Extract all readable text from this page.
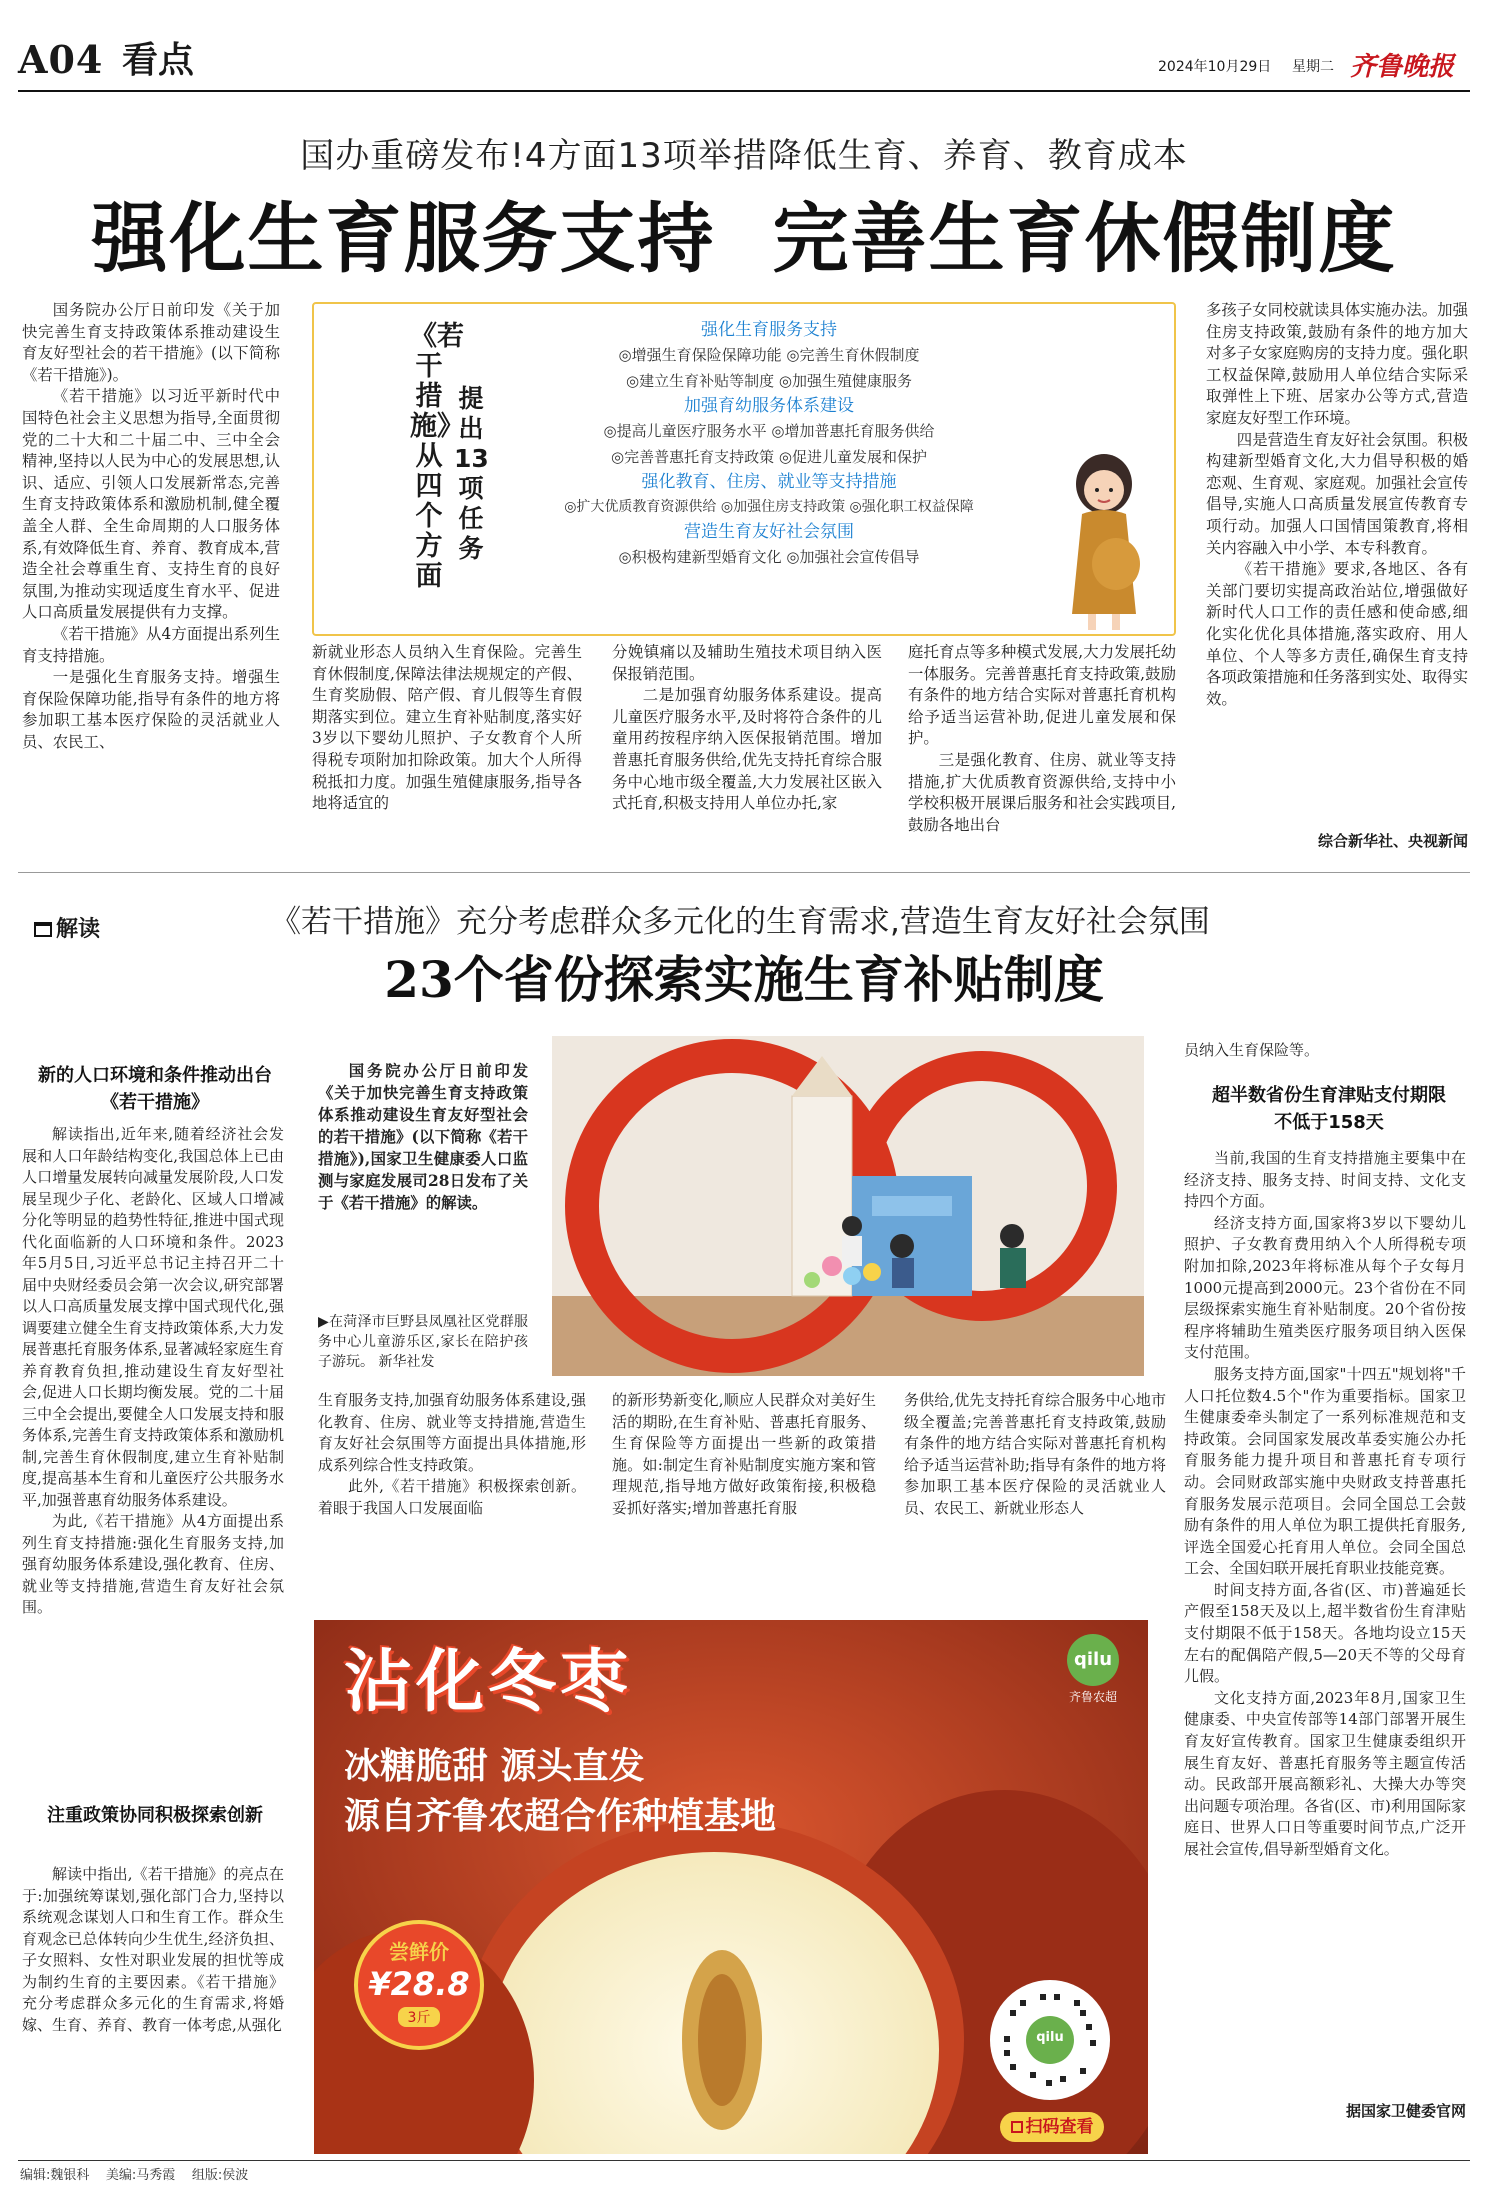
A04 看点	2024年10月29日 星期二 齐鲁晚报
国办重磅发布!4方面13项举措降低生育、养育、教育成本
强化生育服务支持  完善生育休假制度

国务院办公厅日前印发《关于加快完善生育支持政策体系推动建设生育友好型社会的若干措施》(以下简称《若干措施》)。

《若干措施》以习近平新时代中国特色社会主义思想为指导,全面贯彻党的二十大和二十届二中、三中全会精神,坚持以人民为中心的发展思想,认识、适应、引领人口发展新常态,完善生育支持政策体系和激励机制,健全覆盖全人群、全生命周期的人口服务体系,有效降低生育、养育、教育成本,营造全社会尊重生育、支持生育的良好氛围,为推动实现适度生育水平、促进人口高质量发展提供有力支撑。

《若干措施》从4方面提出系列生育支持措施。

一是强化生育服务支持。增强生育保险保障功能,指导有条件的地方将参加职工基本医疗保险的灵活就业人员、农民工、

《若干措施》从四个方面
提出13项任务
强化生育服务支持
◎增强生育保险保障功能 ◎完善生育休假制度
◎建立生育补贴等制度 ◎加强生殖健康服务
加强育幼服务体系建设
◎提高儿童医疗服务水平 ◎增加普惠托育服务供给
◎完善普惠托育支持政策 ◎促进儿童发展和保护
强化教育、住房、就业等支持措施
◎扩大优质教育资源供给 ◎加强住房支持政策 ◎强化职工权益保障
营造生育友好社会氛围
◎积极构建新型婚育文化 ◎加强社会宣传倡导

新就业形态人员纳入生育保险。完善生育休假制度,保障法律法规规定的产假、生育奖励假、陪产假、育儿假等生育假期落实到位。建立生育补贴制度,落实好3岁以下婴幼儿照护、子女教育个人所得税专项附加扣除政策。加大个人所得税抵扣力度。加强生殖健康服务,指导各地将适宜的

分娩镇痛以及辅助生殖技术项目纳入医保报销范围。

二是加强育幼服务体系建设。提高儿童医疗服务水平,及时将符合条件的儿童用药按程序纳入医保报销范围。增加普惠托育服务供给,优先支持托育综合服务中心地市级全覆盖,大力发展社区嵌入式托育,积极支持用人单位办托,家

庭托育点等多种模式发展,大力发展托幼一体服务。完善普惠托育支持政策,鼓励有条件的地方结合实际对普惠托育机构给予适当运营补助,促进儿童发展和保护。

三是强化教育、住房、就业等支持措施,扩大优质教育资源供给,支持中小学校积极开展课后服务和社会实践项目,鼓励各地出台

多孩子女同校就读具体实施办法。加强住房支持政策,鼓励有条件的地方加大对多子女家庭购房的支持力度。强化职工权益保障,鼓励用人单位结合实际采取弹性上下班、居家办公等方式,营造家庭友好型工作环境。

四是营造生育友好社会氛围。积极构建新型婚育文化,大力倡导积极的婚恋观、生育观、家庭观。加强社会宣传倡导,实施人口高质量发展宣传教育专项行动。加强人口国情国策教育,将相关内容融入中小学、本专科教育。

《若干措施》要求,各地区、各有关部门要切实提高政治站位,增强做好新时代人口工作的责任感和使命感,细化实化优化具体措施,落实政府、用人单位、个人等多方责任,确保生育支持各项政策措施和任务落到实处、取得实效。

综合新华社、央视新闻
解读	《若干措施》充分考虑群众多元化的生育需求,营造生育友好社会氛围
23个省份探索实施生育补贴制度
新的人口环境和条件推动出台《若干措施》

解读指出,近年来,随着经济社会发展和人口年龄结构变化,我国总体上已由人口增量发展转向减量发展阶段,人口发展呈现少子化、老龄化、区域人口增减分化等明显的趋势性特征,推进中国式现代化面临新的人口环境和条件。2023年5月5日,习近平总书记主持召开二十届中央财经委员会第一次会议,研究部署以人口高质量发展支撑中国式现代化,强调要建立健全生育支持政策体系,大力发展普惠托育服务体系,显著减轻家庭生育养育教育负担,推动建设生育友好型社会,促进人口长期均衡发展。党的二十届三中全会提出,要健全人口发展支持和服务体系,完善生育支持政策体系和激励机制,完善生育休假制度,建立生育补贴制度,提高基本生育和儿童医疗公共服务水平,加强普惠育幼服务体系建设。

为此,《若干措施》从4方面提出系列生育支持措施:强化生育服务支持,加强育幼服务体系建设,强化教育、住房、就业等支持措施,营造生育友好社会氛围。

注重政策协同积极探索创新

解读中指出,《若干措施》的亮点在于:加强统筹谋划,强化部门合力,坚持以系统观念谋划人口和生育工作。群众生育观念已总体转向少生优生,经济负担、子女照料、女性对职业发展的担忧等成为制约生育的主要因素。《若干措施》充分考虑群众多元化的生育需求,将婚嫁、生育、养育、教育一体考虑,从强化

国务院办公厅日前印发《关于加快完善生育支持政策体系推动建设生育友好型社会的若干措施》(以下简称《若干措施》),国家卫生健康委人口监测与家庭发展司28日发布了关于《若干措施》的解读。

▶在菏泽市巨野县凤凰社区党群服务中心儿童游乐区,家长在陪护孩子游玩。 新华社发

生育服务支持,加强育幼服务体系建设,强化教育、住房、就业等支持措施,营造生育友好社会氛围等方面提出具体措施,形成系列综合性支持政策。

此外,《若干措施》积极探索创新。着眼于我国人口发展面临

的新形势新变化,顺应人民群众对美好生活的期盼,在生育补贴、普惠托育服务、生育保险等方面提出一些新的政策措施。如:制定生育补贴制度实施方案和管理规范,指导地方做好政策衔接,积极稳妥抓好落实;增加普惠托育服

务供给,优先支持托育综合服务中心地市级全覆盖;完善普惠托育支持政策,鼓励有条件的地方结合实际对普惠托育机构给予适当运营补助;指导有条件的地方将参加职工基本医疗保险的灵活就业人员、农民工、新就业形态人

员纳入生育保险等。

超半数省份生育津贴支付期限不低于158天

当前,我国的生育支持措施主要集中在经济支持、服务支持、时间支持、文化支持四个方面。

经济支持方面,国家将3岁以下婴幼儿照护、子女教育费用纳入个人所得税专项附加扣除,2023年将标准从每个子女每月1000元提高到2000元。23个省份在不同层级探索实施生育补贴制度。20个省份按程序将辅助生殖类医疗服务项目纳入医保支付范围。

服务支持方面,国家"十四五"规划将"千人口托位数4.5个"作为重要指标。国家卫生健康委牵头制定了一系列标准规范和支持政策。会同国家发展改革委实施公办托育服务能力提升项目和普惠托育专项行动。会同财政部实施中央财政支持普惠托育服务发展示范项目。会同全国总工会鼓励有条件的用人单位为职工提供托育服务,评选全国爱心托育用人单位。会同全国总工会、全国妇联开展托育职业技能竞赛。

时间支持方面,各省(区、市)普遍延长产假至158天及以上,超半数省份生育津贴支付期限不低于158天。各地均设立15天左右的配偶陪产假,5—20天不等的父母育儿假。

文化支持方面,2023年8月,国家卫生健康委、中央宣传部等14部门部署开展生育友好宣传教育。国家卫生健康委组织开展生育友好、普惠托育服务等主题宣传活动。民政部开展高额彩礼、大操大办等突出问题专项治理。各省(区、市)利用国际家庭日、世界人口日等重要时间节点,广泛开展社会宣传,倡导新型婚育文化。

据国家卫健委官网
沾化冬枣
冰糖脆甜 源头直发
源自齐鲁农超合作种植基地
qilu
齐鲁农超
尝鲜价
¥28.8
3斤
qilu
扫码查看
编辑:魏银科 美编:马秀霞 组版:侯波
